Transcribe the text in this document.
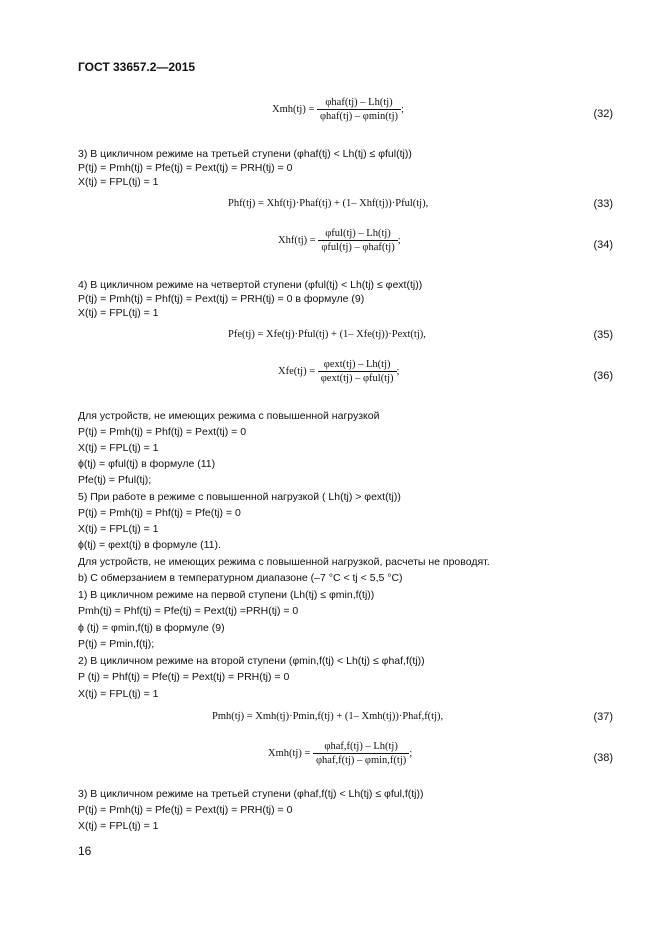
ГОСТ 33657.2—2015
3) В цикличном режиме на третьей ступени (φhaf(tj) < Lh(tj) ≤ φful(tj))
P(tj) = Pmh(tj) = Pfe(tj) = Pext(tj) = PRH(tj) = 0
X(tj) = FPL(tj) = 1
4) В цикличном режиме на четвертой ступени (φful(tj) < Lh(tj) ≤ φext(tj))
P(tj) = Pmh(tj) = Phf(tj) = Pext(tj) = PRH(tj) = 0 в формуле (9)
X(tj) = FPL(tj) = 1
Для устройств, не имеющих режима с повышенной нагрузкой
P(tj) = Pmh(tj) = Phf(tj) = Pext(tj) = 0
X(tj) = FPL(tj) = 1
ϕ(tj) = φful(tj) в формуле (11)
Pfe(tj) = Pful(tj);
5) При работе в режиме с повышенной нагрузкой ( Lh(tj) > φext(tj))
P(tj) = Pmh(tj) = Phf(tj) = Pfe(tj) = 0
X(tj) = FPL(tj) = 1
ϕ(tj) = φext(tj) в формуле (11).
Для устройств, не имеющих режима с повышенной нагрузкой, расчеты не проводят.
b) С обмерзанием в температурном диапазоне (–7 °C < tj < 5,5 °C)
1) В цикличном режиме на первой ступени (Lh(tj) ≤ φmin,f(tj))
Pmh(tj) = Phf(tj) = Pfe(tj) = Pext(tj) =PRH(tj) = 0
ϕ (tj) = φmin,f(tj) в формуле (9)
P(tj) = Pmin,f(tj);
2) В цикличном режиме на второй ступени (φmin,f(tj) < Lh(tj) ≤ φhaf,f(tj))
P (tj) = Phf(tj) = Pfe(tj) = Pext(tj) = PRH(tj) = 0
X(tj) = FPL(tj) = 1
3) В цикличном режиме на третьей ступени (φhaf,f(tj) < Lh(tj) ≤ φful,f(tj))
P(tj) = Pmh(tj) = Pfe(tj) = Pext(tj) = PRH(tj) = 0
X(tj) = FPL(tj) = 1
$Xmh(tj) = \frac{\text{φhaf(tj) – Lh(tj)}}{\text{φhaf(tj) – φmin(tj)}}$ ;	(32)
Phf(tj) = Xhf(tj)·Phaf(tj) + (1– Xhf(tj))·Pful(tj),	(33)
$Xhf(tj) = \frac{\text{φful(tj) – Lh(tj)}}{\text{φful(tj) – φhaf(tj)}}$ ;	(34)
Pfe(tj) = Xfe(tj)·Pful(tj) + (1– Xfe(tj))·Pext(tj),	(35)
$Xfe(tj) = \frac{\text{φext(tj) – Lh(tj)}}{\text{φext(tj) – φful(tj)}}$ ;	(36)
Pmh(tj) = Xmh(tj)·Pmin,f(tj) + (1– Xmh(tj))·Phaf,f(tj),	(37)
$Xmh(tj) = \frac{\text{φhaf,f(tj) – Lh(tj)}}{\text{φhaf,f(tj) – φmin,f(tj)}}$ ;	(38)
16
